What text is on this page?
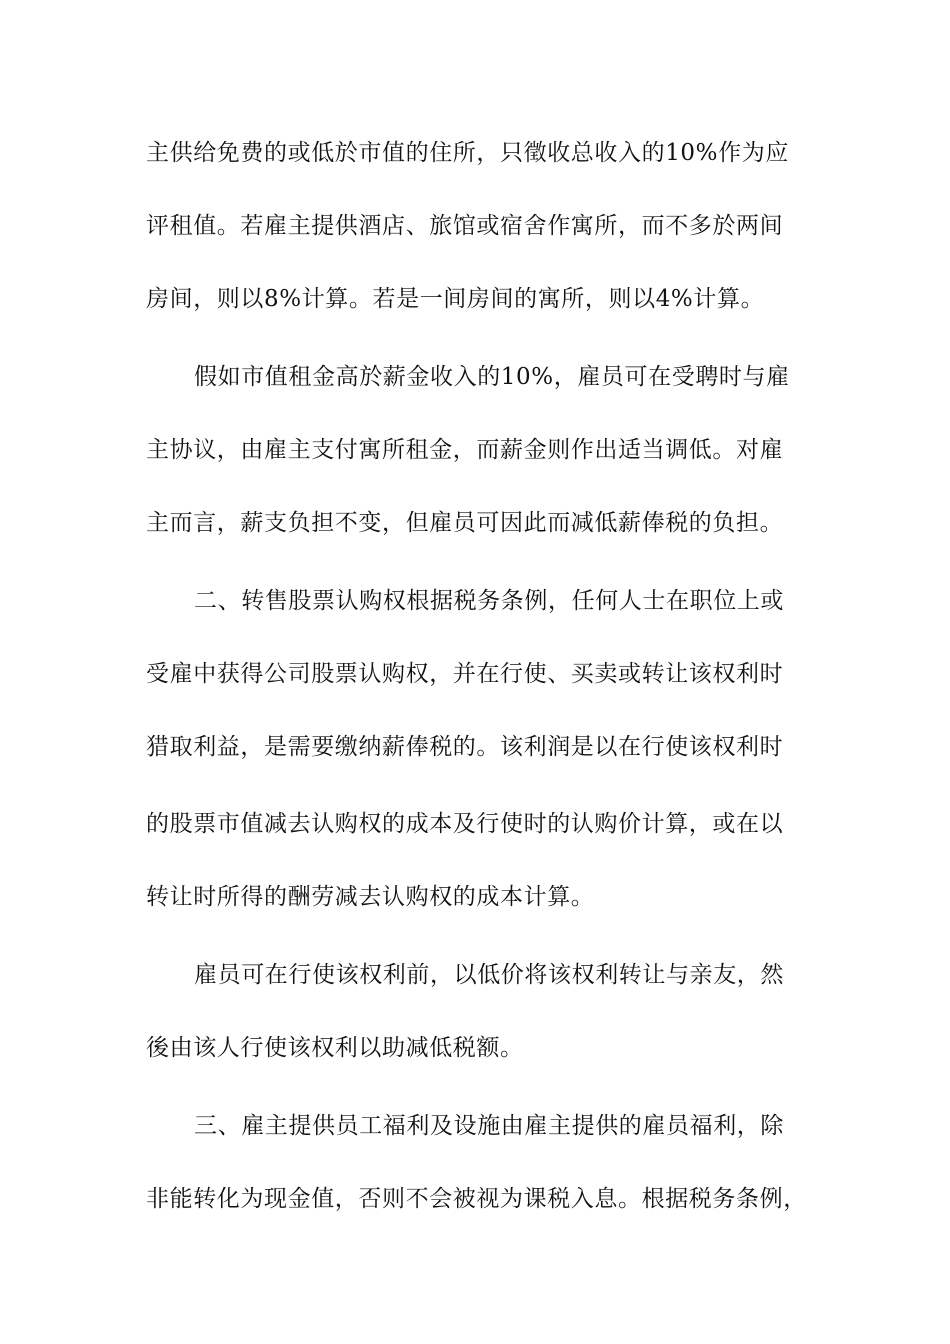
主供给免费的或低於市值的住所，只徵收总收入的10%作为应
评租值。若雇主提供酒店、旅馆或宿舍作寓所，而不多於两间
房间，则以8%计算。若是一间房间的寓所，则以4%计算。
假如市值租金高於薪金收入的10%，雇员可在受聘时与雇
主协议，由雇主支付寓所租金，而薪金则作出适当调低。对雇
主而言，薪支负担不变，但雇员可因此而减低薪俸税的负担。
二、转售股票认购权根据税务条例，任何人士在职位上或
受雇中获得公司股票认购权，并在行使、买卖或转让该权利时
猎取利益，是需要缴纳薪俸税的。该利润是以在行使该权利时
的股票市值减去认购权的成本及行使时的认购价计算，或在以
转让时所得的酬劳减去认购权的成本计算。
雇员可在行使该权利前，以低价将该权利转让与亲友，然
後由该人行使该权利以助减低税额。
三、雇主提供员工福利及设施由雇主提供的雇员福利，除
非能转化为现金值，否则不会被视为课税入息。根据税务条例，
